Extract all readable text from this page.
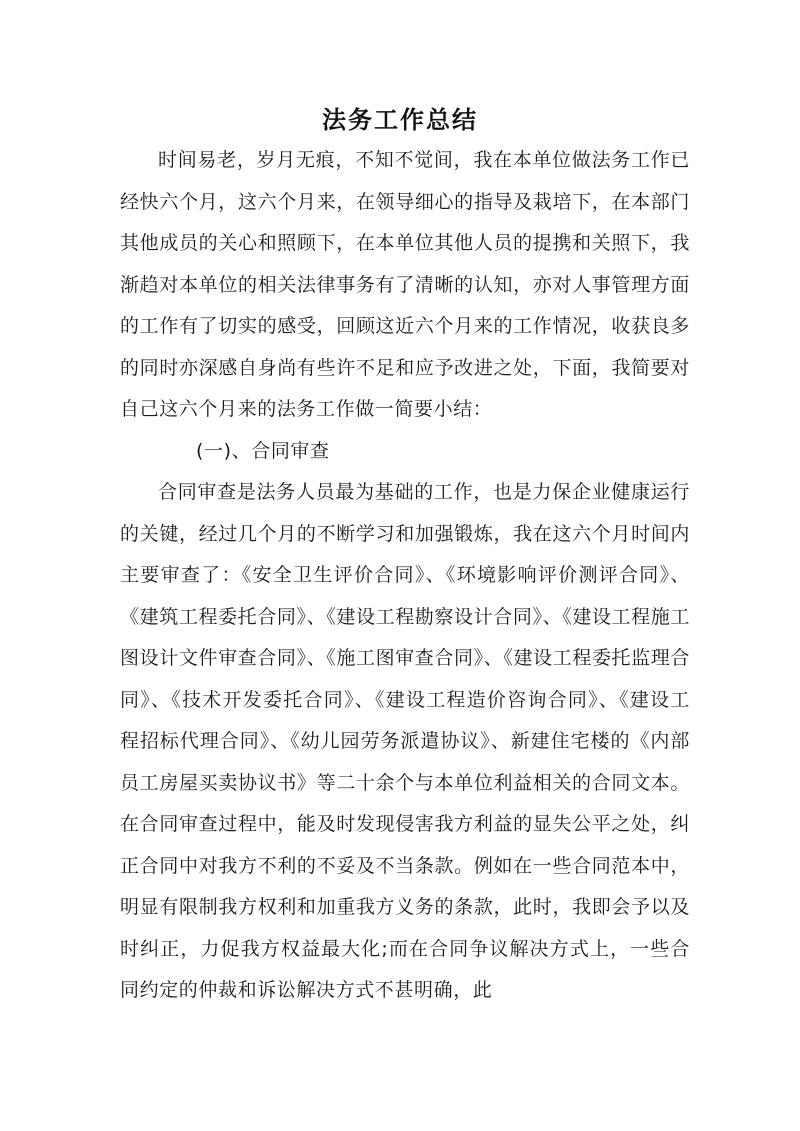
法务工作总结

时间易老，岁月无痕，不知不觉间，我在本单位做法务工作已经快六个月，这六个月来，在领导细心的指导及栽培下，在本部门其他成员的关心和照顾下，在本单位其他人员的提携和关照下，我渐趋对本单位的相关法律事务有了清晰的认知，亦对人事管理方面的工作有了切实的感受，回顾这近六个月来的工作情况，收获良多的同时亦深感自身尚有些许不足和应予改进之处，下面，我简要对自己这六个月来的法务工作做一简要小结：

(一)、合同审查

合同审查是法务人员最为基础的工作，也是力保企业健康运行的关键，经过几个月的不断学习和加强锻炼，我在这六个月时间内主要审查了：《安全卫生评价合同》、《环境影响评价测评合同》、《建筑工程委托合同》、《建设工程勘察设计合同》、《建设工程施工图设计文件审查合同》、《施工图审查合同》、《建设工程委托监理合同》、《技术开发委托合同》、《建设工程造价咨询合同》、《建设工程招标代理合同》、《幼儿园劳务派遣协议》、新建住宅楼的《内部员工房屋买卖协议书》等二十余个与本单位利益相关的合同文本。在合同审查过程中，能及时发现侵害我方利益的显失公平之处，纠正合同中对我方不利的不妥及不当条款。例如在一些合同范本中，明显有限制我方权利和加重我方义务的条款，此时，我即会予以及时纠正，力促我方权益最大化;而在合同争议解决方式上，一些合同约定的仲裁和诉讼解决方式不甚明确，此
